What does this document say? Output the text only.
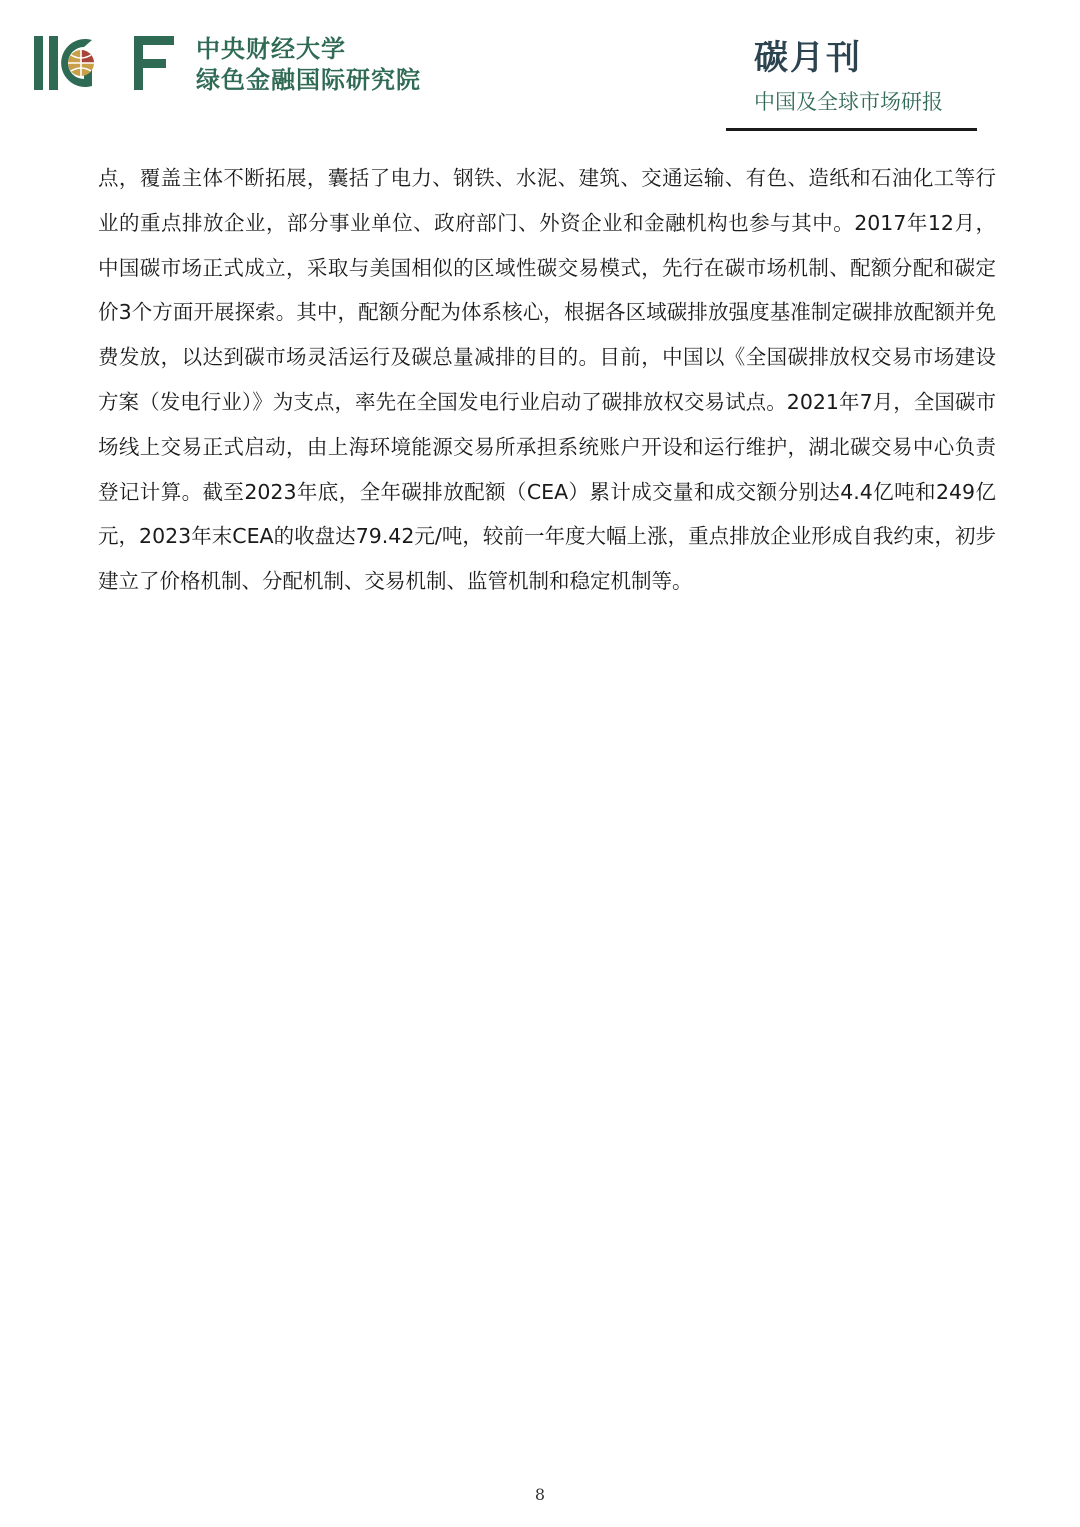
中央财经大学
绿色金融国际研究院
碳月刊
中国及全球市场研报
点，覆盖主体不断拓展，囊括了电力、钢铁、水泥、建筑、交通运输、有色、造纸和石油化工等行业的重点排放企业，部分事业单位、政府部门、外资企业和金融机构也参与其中。2017年12月，中国碳市场正式成立，采取与美国相似的区域性碳交易模式，先行在碳市场机制、配额分配和碳定价3个方面开展探索。其中，配额分配为体系核心，根据各区域碳排放强度基准制定碳排放配额并免费发放，以达到碳市场灵活运行及碳总量减排的目的。目前，中国以《全国碳排放权交易市场建设方案（发电行业）》为支点，率先在全国发电行业启动了碳排放权交易试点。2021年7月，全国碳市场线上交易正式启动，由上海环境能源交易所承担系统账户开设和运行维护，湖北碳交易中心负责登记计算。截至2023年底，全年碳排放配额（CEA）累计成交量和成交额分别达4.4亿吨和249亿元，2023年末CEA的收盘达79.42元/吨，较前一年度大幅上涨，重点排放企业形成自我约束，初步建立了价格机制、分配机制、交易机制、监管机制和稳定机制等。
8
